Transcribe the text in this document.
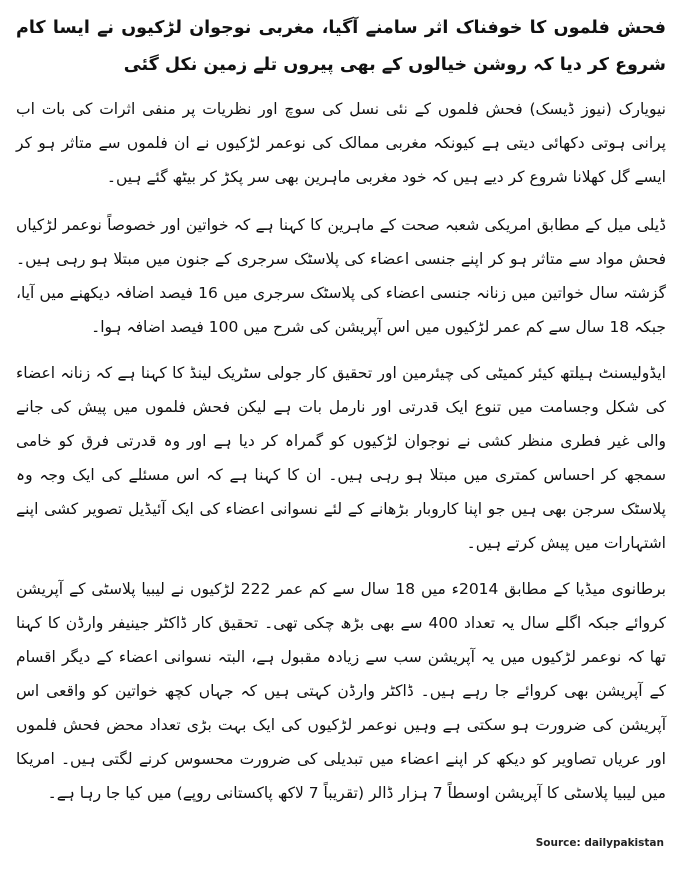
فحش فلموں کا خوفناک اثر سامنے آگیا، مغربی نوجوان لڑکیوں نے ایسا کام شروع کر دیا کہ روشن خیالوں کے بھی پیروں تلے زمین نکل گئی

نیویارک (نیوز ڈیسک) فحش فلموں کے نئی نسل کی سوچ اور نظریات پر منفی اثرات کی بات اب پرانی ہوتی دکھائی دیتی ہے کیونکہ مغربی ممالک کی نوعمر لڑکیوں نے ان فلموں سے متاثر ہو کر ایسے گل کھلانا شروع کر دیے ہیں کہ خود مغربی ماہرین بھی سر پکڑ کر بیٹھ گئے ہیں۔

ڈیلی میل کے مطابق امریکی شعبہ صحت کے ماہرین کا کہنا ہے کہ خواتین اور خصوصاً نوعمر لڑکیاں فحش مواد سے متاثر ہو کر اپنے جنسی اعضاء کی پلاسٹک سرجری کے جنون میں مبتلا ہو رہی ہیں۔ گزشتہ سال خواتین میں زنانہ جنسی اعضاء کی پلاسٹک سرجری میں 16 فیصد اضافہ دیکھنے میں آیا، جبکہ 18 سال سے کم عمر لڑکیوں میں اس آپریشن کی شرح میں 100 فیصد اضافہ ہوا۔

ایڈولیسنٹ ہیلتھ کیئر کمیٹی کی چیئرمین اور تحقیق کار جولی سٹریک لینڈ کا کہنا ہے کہ زنانہ اعضاء کی شکل وجسامت میں تنوع ایک قدرتی اور نارمل بات ہے لیکن فحش فلموں میں پیش کی جانے والی غیر فطری منظر کشی نے نوجوان لڑکیوں کو گمراہ کر دیا ہے اور وہ قدرتی فرق کو خامی سمجھ کر احساس کمتری میں مبتلا ہو رہی ہیں۔ ان کا کہنا ہے کہ اس مسئلے کی ایک وجہ وہ پلاسٹک سرجن بھی ہیں جو اپنا کاروبار بڑھانے کے لئے نسوانی اعضاء کی ایک آئیڈیل تصویر کشی اپنے اشتہارات میں پیش کرتے ہیں۔

برطانوی میڈیا کے مطابق 2014ء میں 18 سال سے کم عمر 222 لڑکیوں نے لیبیا پلاسٹی کے آپریشن کروائے جبکہ اگلے سال یہ تعداد 400 سے بھی بڑھ چکی تھی۔ تحقیق کار ڈاکٹر جینیفر وارڈن کا کہنا تھا کہ نوعمر لڑکیوں میں یہ آپریشن سب سے زیادہ مقبول ہے، البتہ نسوانی اعضاء کے دیگر اقسام کے آپریشن بھی کروائے جا رہے ہیں۔ ڈاکٹر وارڈن کہتی ہیں کہ جہاں کچھ خواتین کو واقعی اس آپریشن کی ضرورت ہو سکتی ہے وہیں نوعمر لڑکیوں کی ایک بہت بڑی تعداد محض فحش فلموں اور عریاں تصاویر کو دیکھ کر اپنے اعضاء میں تبدیلی کی ضرورت محسوس کرنے لگتی ہیں۔ امریکا میں لیبیا پلاسٹی کا آپریشن اوسطاً 7 ہزار ڈالر (تقریباً 7 لاکھ پاکستانی روپے) میں کیا جا رہا ہے۔

Source: dailypakistan
